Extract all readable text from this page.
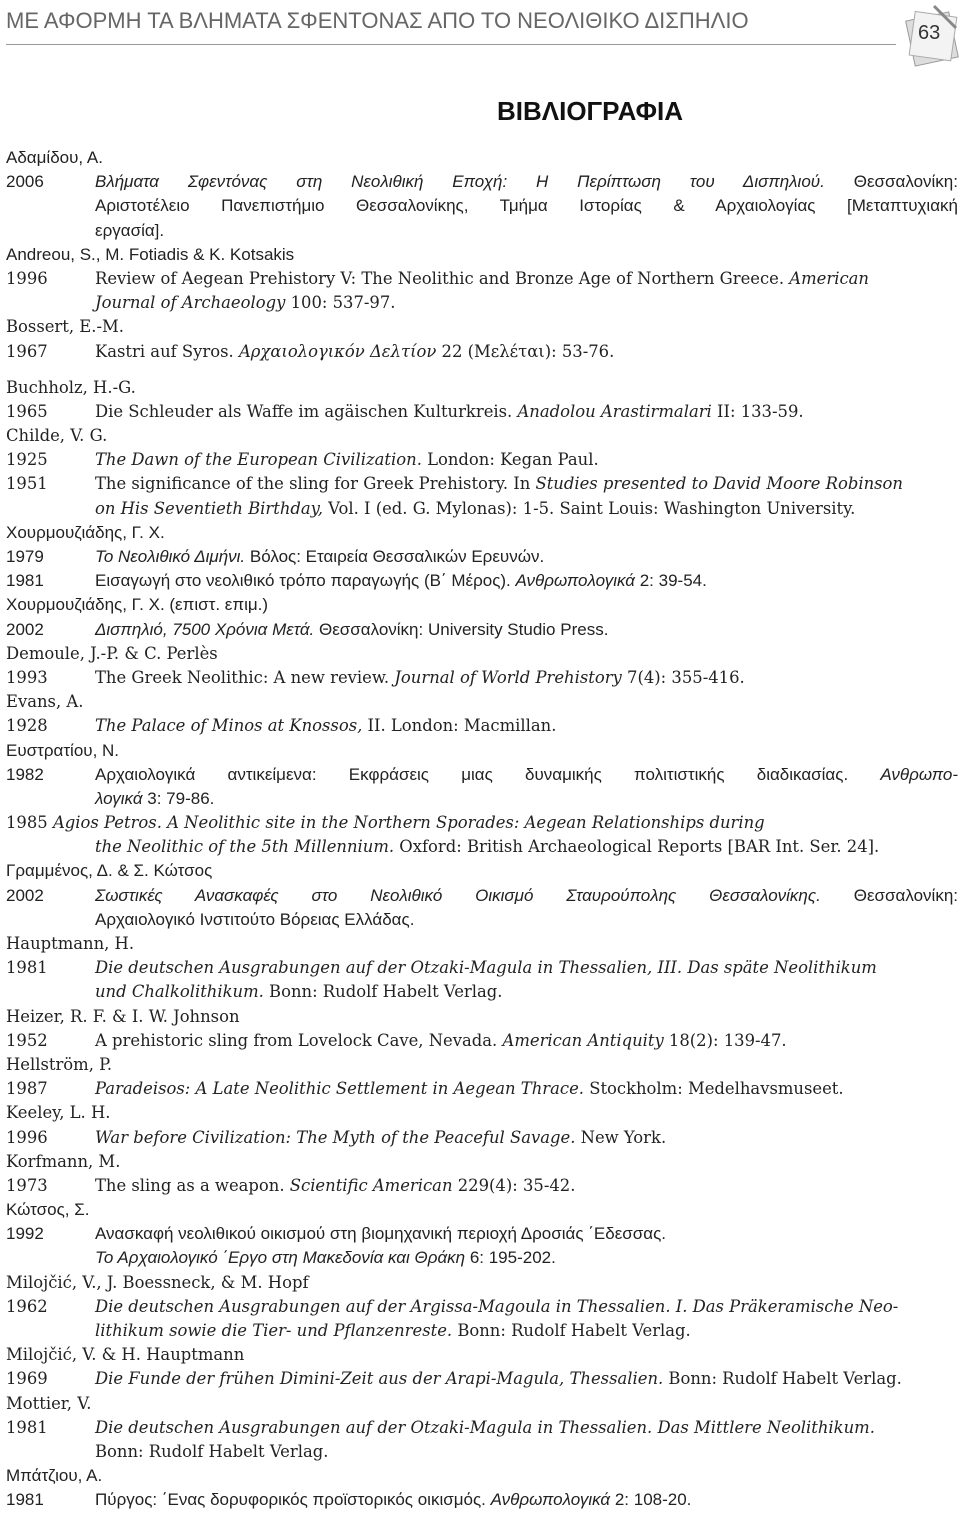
ΜΕ ΑΦΟΡΜΗ ΤΑ ΒΛΗΜΑΤΑ ΣΦΕΝΤΟΝΑΣ ΑΠΟ ΤΟ ΝΕΟΛΙΘΙΚΟ ΔΙΣΠΗΛΙΟ	63
ΒΙΒΛΙΟΓΡΑΦΙΑ
Αδαμίδου, Α.
2006	Βλήματα Σφεντόνας στη Νεολιθική Εποχή: Η Περίπτωση του Δισπηλιού. Θεσσαλονίκη:
Αριστοτέλειο Πανεπιστήμιο Θεσσαλονίκης, Τμήμα Ιστορίας & Αρχαιολογίας [Μεταπτυχιακή
εργασία].
Andreou, S., M. Fotiadis & K. Kotsakis
1996	Review of Aegean Prehistory V: The Neolithic and Bronze Age of Northern Greece. American
Journal of Archaeology 100: 537-97.
Bossert, E.-M.
1967	Kastri auf Syros. Αρχαιολογικόν Δελτίον 22 (Μελέται): 53-76.
Buchholz, H.-G.
1965	Die Schleuder als Waffe im agäischen Kulturkreis. Anadolou Arastirmalari II: 133-59.
Childe, V. G.
1925	The Dawn of the European Civilization. London: Kegan Paul.
1951	The significance of the sling for Greek Prehistory. In Studies presented to David Moore Robinson
on His Seventieth Birthday, Vol. I (ed. G. Mylonas): 1-5. Saint Louis: Washington University.
Χουρμουζιάδης, Γ. Χ.
1979	Το Νεολιθικό Διμήνι. Βόλος: Εταιρεία Θεσσαλικών Ερευνών.
1981	Εισαγωγή στο νεολιθικό τρόπο παραγωγής (Β΄ Μέρος). Ανθρωπολογικά 2: 39-54.
Χουρμουζιάδης, Γ. Χ. (επιστ. επιμ.)
2002	Δισπηλιό, 7500 Χρόνια Μετά. Θεσσαλονίκη: University Studio Press.
Demoule, J.-P. & C. Perlès
1993	The Greek Neolithic: A new review. Journal of World Prehistory 7(4): 355-416.
Evans, A.
1928	The Palace of Minos at Knossos, II. London: Macmillan.
Ευστρατίου, Ν.
1982	Αρχαιολογικά αντικείμενα: Εκφράσεις μιας δυναμικής πολιτιστικής διαδικασίας. Ανθρωπο-
λογικά 3: 79-86.
1985 Agios Petros. A Neolithic site in the Northern Sporades: Aegean Relationships during
the Neolithic of the 5th Millennium. Oxford: British Archaeological Reports [BAR Int. Ser. 24].
Γραμμένος, Δ. & Σ. Κώτσος
2002	Σωστικές Ανασκαφές στο Νεολιθικό Οικισμό Σταυρούπολης Θεσσαλονίκης. Θεσσαλονίκη:
Αρχαιολογικό Ινστιτούτο Βόρειας Ελλάδας.
Hauptmann, H.
1981	Die deutschen Ausgrabungen auf der Otzaki-Magula in Thessalien, III. Das späte Neolithikum
und Chalkolithikum. Bonn: Rudolf Habelt Verlag.
Heizer, R. F. & I. W. Johnson
1952	A prehistoric sling from Lovelock Cave, Nevada. American Antiquity 18(2): 139-47.
Hellström, P.
1987	Paradeisos: A Late Neolithic Settlement in Aegean Thrace. Stockholm: Medelhavsmuseet.
Keeley, L. H.
1996	War before Civilization: The Myth of the Peaceful Savage. New York.
Korfmann, M.
1973	The sling as a weapon. Scientific American 229(4): 35-42.
Κώτσος, Σ.
1992	Ανασκαφή νεολιθικού οικισμού στη βιομηχανική περιοχή Δροσιάς ΄Εδεσσας.
Το Αρχαιολογικό ΄Εργο στη Μακεδονία και Θράκη 6: 195-202.
Milojčić, V., J. Boessneck, & M. Hopf
1962	Die deutschen Ausgrabungen auf der Argissa-Magoula in Thessalien. I. Das Präkeramische Neo-
lithikum sowie die Tier- und Pflanzenreste. Bonn: Rudolf Habelt Verlag.
Milojčić, V. & H. Hauptmann
1969	Die Funde der frühen Dimini-Zeit aus der Arapi-Magula, Thessalien. Bonn: Rudolf Habelt Verlag.
Mottier, V.
1981	Die deutschen Ausgrabungen auf der Otzaki-Magula in Thessalien. Das Mittlere Neolithikum.
Bonn: Rudolf Habelt Verlag.
Μπάτζιου, Α.
1981	Πύργος: ΄Ενας δορυφορικός προϊστορικός οικισμός. Ανθρωπολογικά 2: 108-20.
